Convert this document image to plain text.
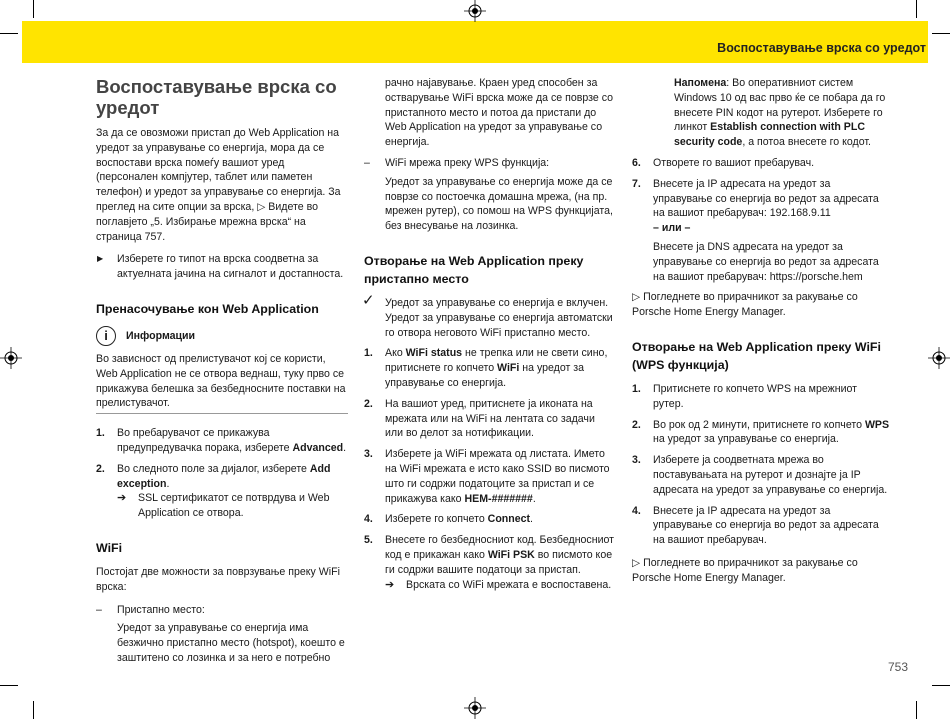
Воспоставување врска со уредот
Воспоставување врска со уредот

За да се овозможи пристап до Web Application на уредот за управување со енергија, мора да се воспостави врска помеѓу вашиот уред (персонален компјутер, таблет или паметен телефон) и уредот за управување со енергија. За преглед на сите опции за врска, ▷ Видете во поглавјето „5. Избирање мрежна врска“ на страница 757.

▶ Изберете го типот на врска соодветна за актуелната јачина на сигналот и достапноста.
Пренасочување кон Web Application
i	Информации

Во зависност од прелистувачот кој се користи, Web Application не се отвора веднаш, туку прво се прикажува белешка за безбедносните поставки на прелистувачот.

1. Во пребарувачот се прикажува предупредувачка порака, изберете Advanced.
2. Во следното поле за дијалог, изберете Add exception.
➔ SSL сертификатот се потврдува и Web Application се отвора.
WiFi

Постојат две можности за поврзување преку WiFi врска:

– Пристапно место:
Уредот за управување со енергија има безжично пристапно место (hotspot), коешто е заштитено со лозинка и за него е потребно
рачно најавување. Краен уред способен за остварување WiFi врска може да се поврзе со пристапното место и потоа да пристапи до Web Application на уредот за управување со енергија.
– WiFi мрежа преку WPS функција:
Уредот за управување со енергија може да се поврзе со постоечка домашна мрежа, (на пр. мрежен рутер), со помош на WPS функцијата, без внесување на лозинка.
Отворање на Web Application преку пристапно место
✓ Уредот за управување со енергија е вклучен. Уредот за управување со енергија автоматски го отвора неговото WiFi пристапно место.
1. Ако WiFi status не трепка или не свети сино, притиснете го копчето WiFi на уредот за управување со енергија.
2. На вашиот уред, притиснете ја иконата на мрежата или на WiFi на лентата со задачи или во делот за нотификации.
3. Изберете ја WiFi мрежата од листата. Името на WiFi мрежата е исто како SSID во писмото што ги содржи податоците за пристап и се прикажува како HEM-#######.
4. Изберете го копчето Connect.
5. Внесете го безбедносниот код. Безбедносниот код е прикажан како WiFi PSK во писмото кое ги содржи вашите податоци за пристап.
➔ Врската со WiFi мрежата е воспоставена.
Напомена: Во оперативниот систем Windows 10 од вас прво ќе се побара да го внесете PIN кодот на рутерот. Изберете го линкот Establish connection with PLC security code, а потоа внесете го кодот.
6. Отворете го вашиот пребарувач.
7. Внесете ја IP адресата на уредот за управување со енергија во редот за адресата на вашиот пребарувач: 192.168.9.11
– или –
Внесете ја DNS адресата на уредот за управување со енергија во редот за адресата на вашиот пребарувач: https://porsche.hem

▷ Погледнете во прирачникот за ракување со Porsche Home Energy Manager.

Отворање на Web Application преку WiFi (WPS функција)
1. Притиснете го копчето WPS на мрежниот рутер.
2. Во рок од 2 минути, притиснете го копчето WPS на уредот за управување со енергија.
3. Изберете ја соодветната мрежа во поставувањата на рутерот и дознајте ја IP адресата на уредот за управување со енергија.
4. Внесете ја IP адресата на уредот за управување со енергија во редот за адресата на вашиот пребарувач.

▷ Погледнете во прирачникот за ракување со Porsche Home Energy Manager.

753
